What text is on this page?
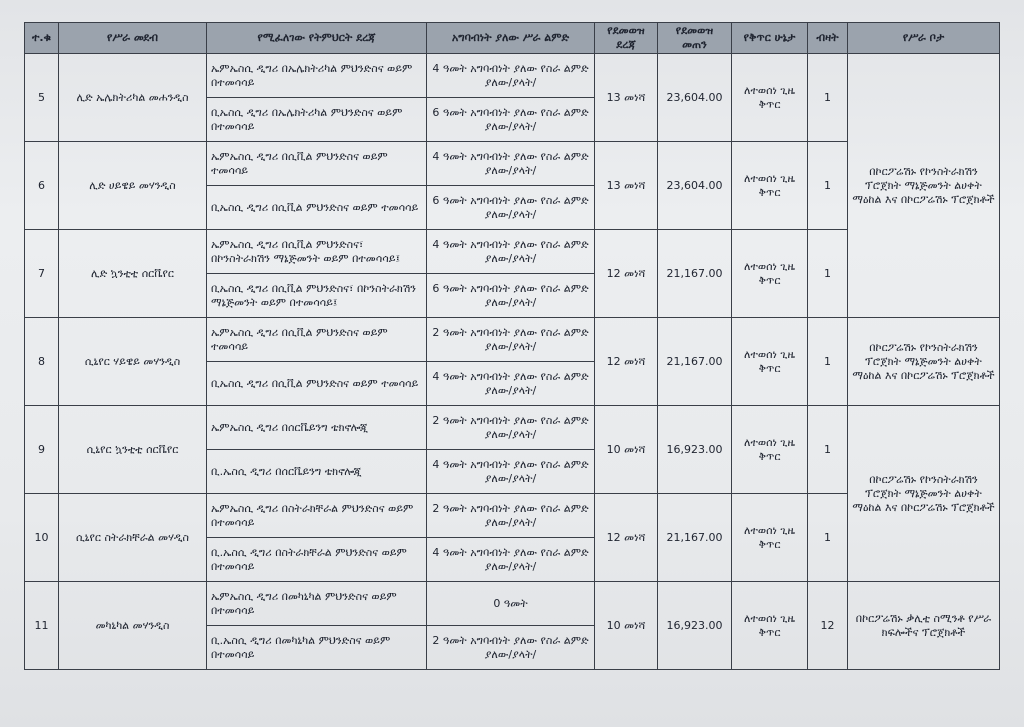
ተ.ቁ	የሥራ መደብ	የሚፈለገው የትምህርት ደረጃ	አግባብነት ያለው ሥራ ልምድ	የደመወዝ ደረጃ	የደመወዝ መጠን	የቅጥር ሁኔታ	ብዛት	የሥራ ቦታ
5	ሊድ ኤሌክትሪካል መሐንዲስ	ኤምኤስሲ ዲግሪ በኤሌክትሪካል ምህንድስና ወይም በተመሳሳይ	4 ዓመት አግባብነት ያለው የስራ ልምድ ያለው/ያላት/	13 መነሻ	23,604.00	ለተወሰነ ጊዜ ቅጥር	1	በኮርፖሬሽኑ የኮንስትራክሽን ፕሮጀክት ማኔጅመንት ልሀቀት ማዕከል እና በኮርፖሬሽኑ ፕሮጀክቶች
		ቢኤስሲ ዲግሪ በኤሌክትሪካል ምህንድስና ወይም በተመሳሳይ	6 ዓመት አግባብነት ያለው የስራ ልምድ ያለው/ያላት/					
6	ሊድ ሀይዌይ መሃንዲስ	ኤምኤስሲ ዲግሪ በሲቪል ምህንድስና ወይም ተመሳሳይ	4 ዓመት አግባብነት ያለው የስራ ልምድ ያለው/ያላት/	13 መነሻ	23,604.00	ለተወሰነ ጊዜ ቅጥር	1	
		ቢኤስሲ ዲግሪ በሲቪል ምህንድስና ወይም ተመሳሳይ	6 ዓመት አግባብነት ያለው የስራ ልምድ ያለው/ያላት/					
7	ሊድ ኳንቲቲ ሰርቬየር	ኤምኤስሲ ዲግሪ በሲቪል ምህንድስና፣ በኮንስትራክሽን ማኔጅመንት ወይም በተመሳሳይ፤	4 ዓመት አግባብነት ያለው የስራ ልምድ ያለው/ያላት/	12 መነሻ	21,167.00	ለተወሰነ ጊዜ ቅጥር	1	
		ቢኤስሲ ዲግሪ በሲቪል ምህንድስና፣ በኮንስትራክሽን ማኔጅመንት ወይም በተመሳሳይ፤	6 ዓመት አግባብነት ያለው የስራ ልምድ ያለው/ያላት/					
8	ሲኒየር ሃይዌይ መሃንዲስ	ኤምኤስሲ ዲግሪ በሲቪል ምህንድስና ወይም ተመሳሳይ	2 ዓመት አግባብነት ያለው የስራ ልምድ ያለው/ያላት/	12 መነሻ	21,167.00	ለተወሰነ ጊዜ ቅጥር	1	በኮርፖሬሽኑ የኮንስትራክሽን ፕሮጀክት ማኔጅመንት ልሀቀት ማዕከል እና በኮርፖሬሽኑ ፕሮጀክቶች
		ቢኤስሲ ዲግሪ በሲቪል ምህንድስና ወይም ተመሳሳይ	4 ዓመት አግባብነት ያለው የስራ ልምድ ያለው/ያላት/					
9	ሲኒየር ኳንቲቲ ሰርቬየር	ኤምኤስሲ ዲግሪ በሰርቬይንግ ቴክኖሎጂ	2 ዓመት አግባብነት ያለው የስራ ልምድ ያለው/ያላት/	10 መነሻ	16,923.00	ለተወሰነ ጊዜ ቅጥር	1	በኮርፖሬሽኑ የኮንስትራክሽን ፕሮጀክት ማኔጅመንት ልሀቀት ማዕከል እና በኮርፖሬሽኑ ፕሮጀክቶች
		ቢ.ኤስሲ ዲግሪ በሰርቬይንግ ቴክኖሎጂ	4 ዓመት አግባብነት ያለው የስራ ልምድ ያለው/ያላት/					
10	ሲኒየር ስትራክቸራል መሃዲስ	ኤምኤስሲ ዲግሪ በስትራክቸራል ምህንድስና ወይም በተመሳሳይ	2 ዓመት አግባብነት ያለው የስራ ልምድ ያለው/ያላት/	12 መነሻ	21,167.00	ለተወሰነ ጊዜ ቅጥር	1	
		ቢ.ኤስሲ ዲግሪ በስትራክቸራል ምህንድስና ወይም በተመሳሳይ	4 ዓመት አግባብነት ያለው የስራ ልምድ ያለው/ያላት/					
11	መካኒካል መሃንዲስ	ኤምኤስሲ ዲግሪ በመካኒካል ምህንድስና ወይም በተመሳሳይ	0 ዓመት	10 መነሻ	16,923.00	ለተወሰነ ጊዜ ቅጥር	12	በኮርፖሬሽኑ ቃሊቲ ስሚንቶ የሥራ ክፍሎችና ፕሮጀክቶች
		ቢ.ኤስሲ ዲግሪ በመካኒካል ምህንድስና ወይም በተመሳሳይ	2 ዓመት አግባብነት ያለው የስራ ልምድ ያለው/ያላት/					
